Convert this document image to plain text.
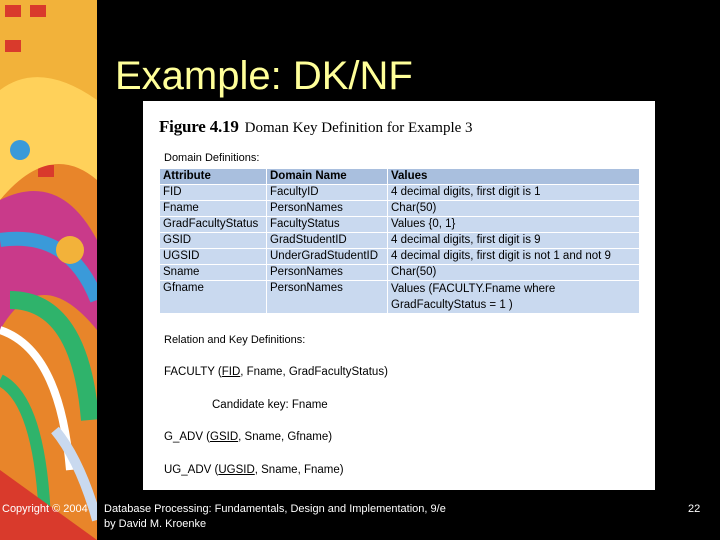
Example: DK/NF
Figure 4.19 Doman Key Definition for Example 3
Domain Definitions:
Attribute	Domain Name	Values
FID	FacultyID	4 decimal digits, first digit is 1
Fname	PersonNames	Char(50)
GradFacultyStatus	FacultyStatus	Values {0, 1}
GSID	GradStudentID	4 decimal digits, first digit is 9
UGSID	UnderGradStudentID	4 decimal digits, first digit is not 1 and not 9
Sname	PersonNames	Char(50)
Gfname	PersonNames	Values (FACULTY.Fname where GradFacultyStatus = 1 )
Relation and Key Definitions:
FACULTY (FID, Fname, GradFacultyStatus)
Candidate key: Fname
G_ADV (GSID, Sname, Gfname)
UG_ADV (UGSID, Sname, Fname)
Copyright © 2004 Database Processing: Fundamentals, Design and Implementation, 9/e
by David M. Kroenke
22
